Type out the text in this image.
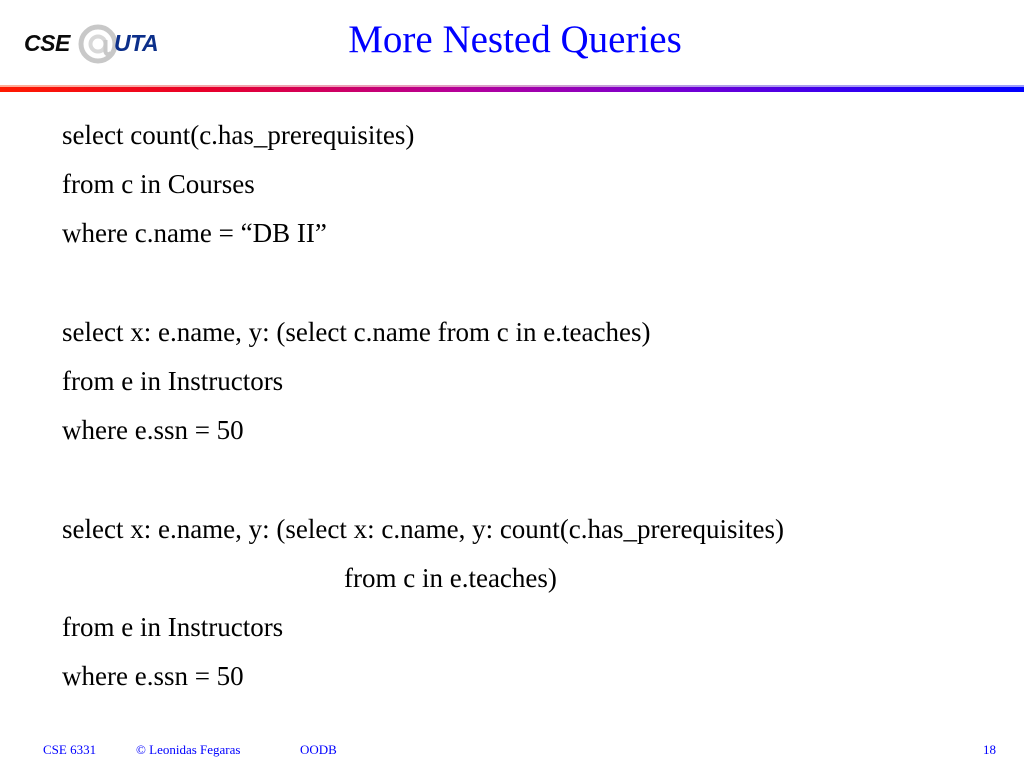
CSE UTA	More Nested Queries
select count(c.has_prerequisites)
from c in Courses
where c.name = “DB II”
select x: e.name, y: (select c.name from c in e.teaches)
from e in Instructors
where e.ssn = 50
select x: e.name, y: (select x: c.name, y: count(c.has_prerequisites)
from c in e.teaches)
from e in Instructors
where e.ssn = 50
CSE 6331	© Leonidas Fegaras	OODB	18
